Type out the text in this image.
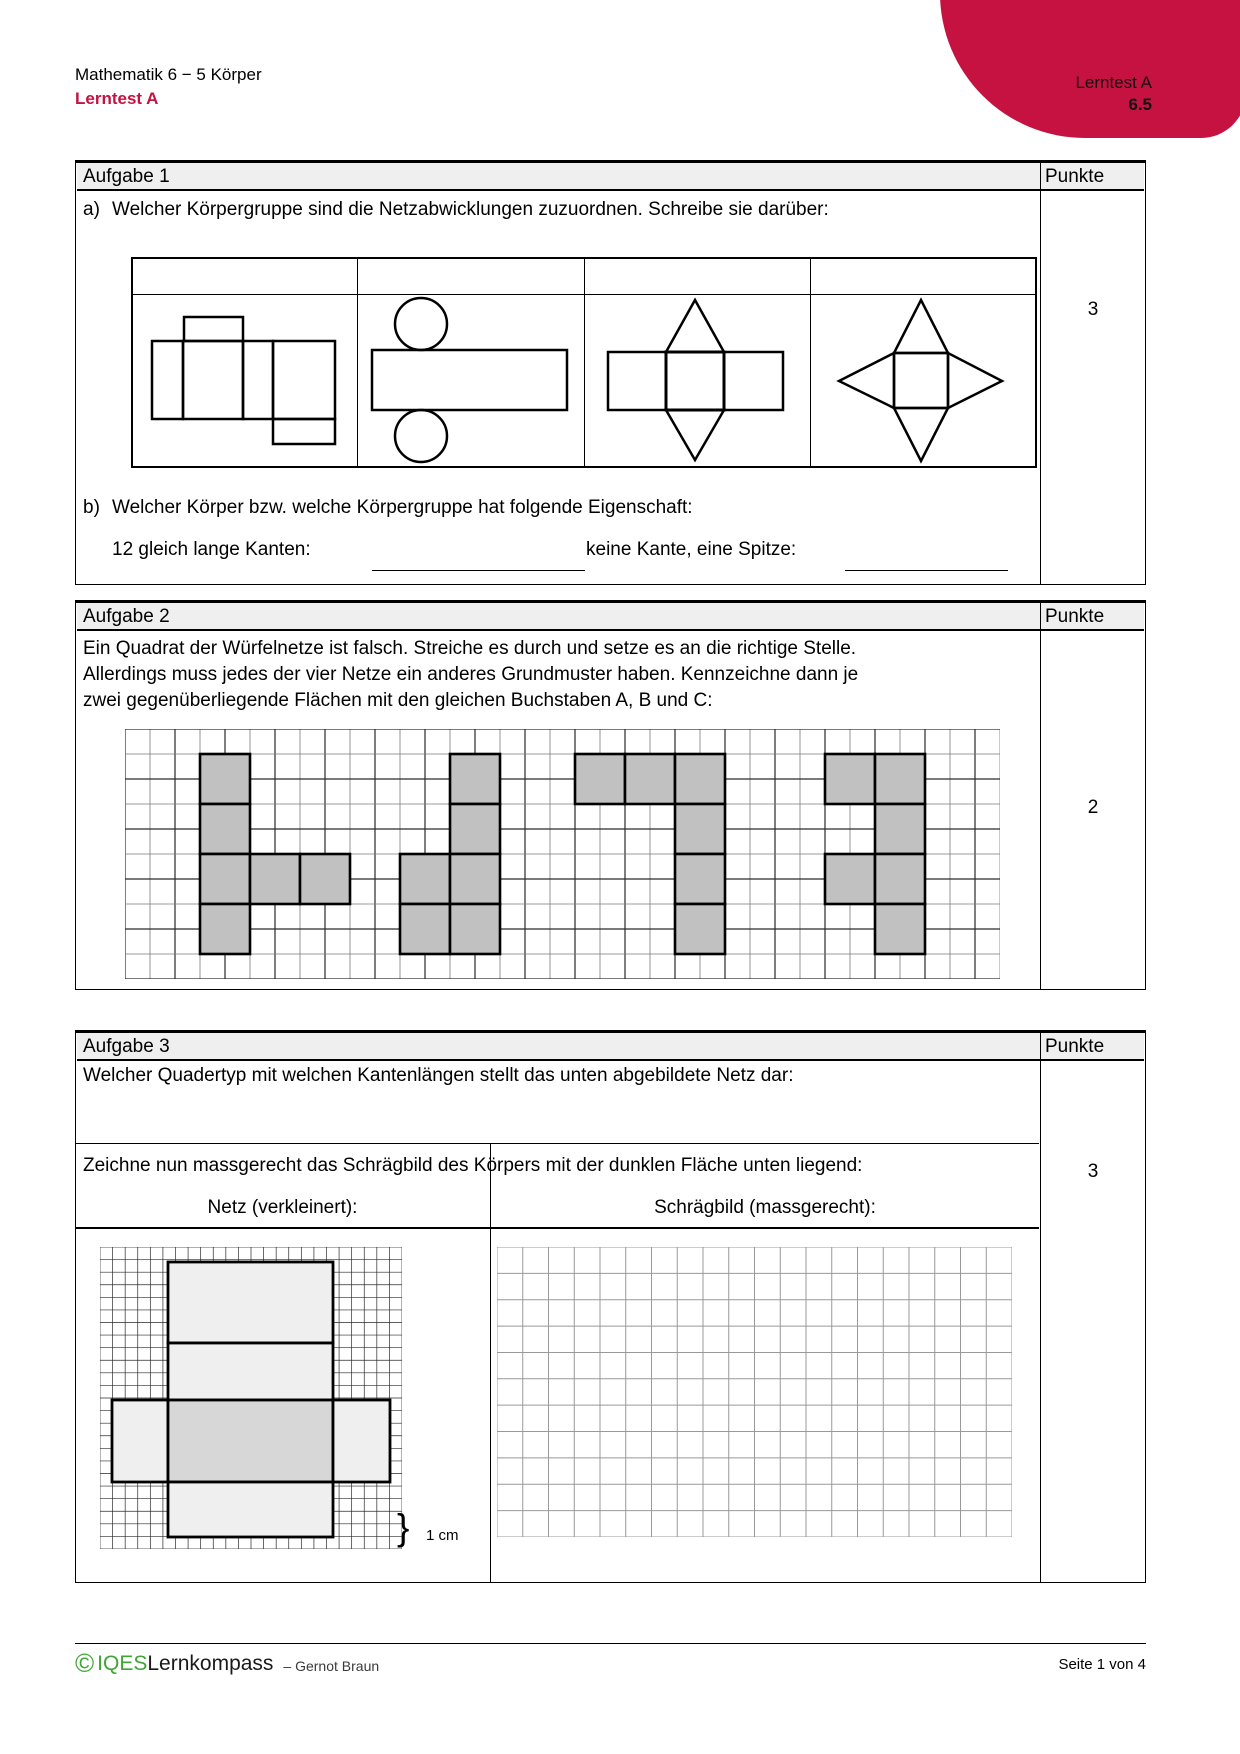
Lerntest A
6.5
Mathematik 6 − 5 Körper
Lerntest A
Aufgabe 1	Punkte
3
a) Welcher Körpergruppe sind die Netzabwicklungen zuzuordnen. Schreibe sie darüber:
b) Welcher Körper bzw. welche Körpergruppe hat folgende Eigenschaft:
12 gleich lange Kanten:	keine Kante, eine Spitze:
Aufgabe 2	Punkte
2
Ein Quadrat der Würfelnetze ist falsch. Streiche es durch und setze es an die richtige Stelle.
Allerdings muss jedes der vier Netze ein anderes Grundmuster haben. Kennzeichne dann je
zwei gegenüberliegende Flächen mit den gleichen Buchstaben A, B und C:
Aufgabe 3	Punkte
3
Welcher Quadertyp mit welchen Kantenlängen stellt das unten abgebildete Netz dar:
Zeichne nun massgerecht das Schrägbild des Körpers mit der dunklen Fläche unten liegend:
Netz (verkleinert):	Schrägbild (massgerecht):
} 1 cm
© IQES Lernkompass – Gernot Braun	Seite 1 von 4
